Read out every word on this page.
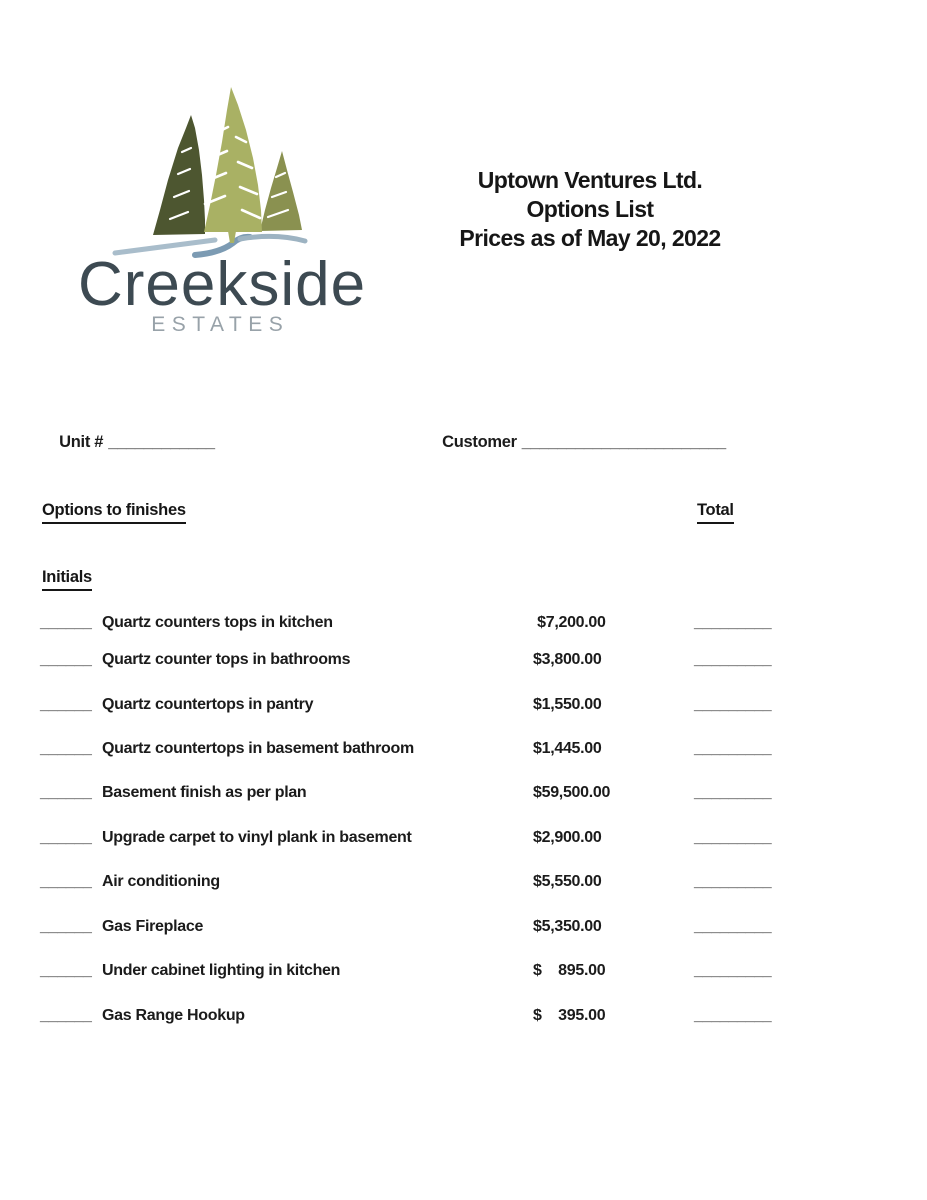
Creekside
ESTATES
Uptown Ventures Ltd.
Options List
Prices as of May 20, 2022

Unit # ____________
	Customer _______________________

Options to finishes	Total
Initials
______ Quartz counters tops in kitchen	$7,200.00	_________
______ Quartz counter tops in bathrooms	$3,800.00	_________
______ Quartz countertops in pantry	$1,550.00	_________
______ Quartz countertops in basement bathroom	$1,445.00	_________
______ Basement finish as per plan	$59,500.00	_________
______ Upgrade carpet to vinyl plank in basement	$2,900.00	_________
______ Air conditioning	$5,550.00	_________
______ Gas Fireplace	$5,350.00	_________
______ Under cabinet lighting in kitchen	$    895.00	_________
______ Gas Range Hookup	$    395.00	_________
